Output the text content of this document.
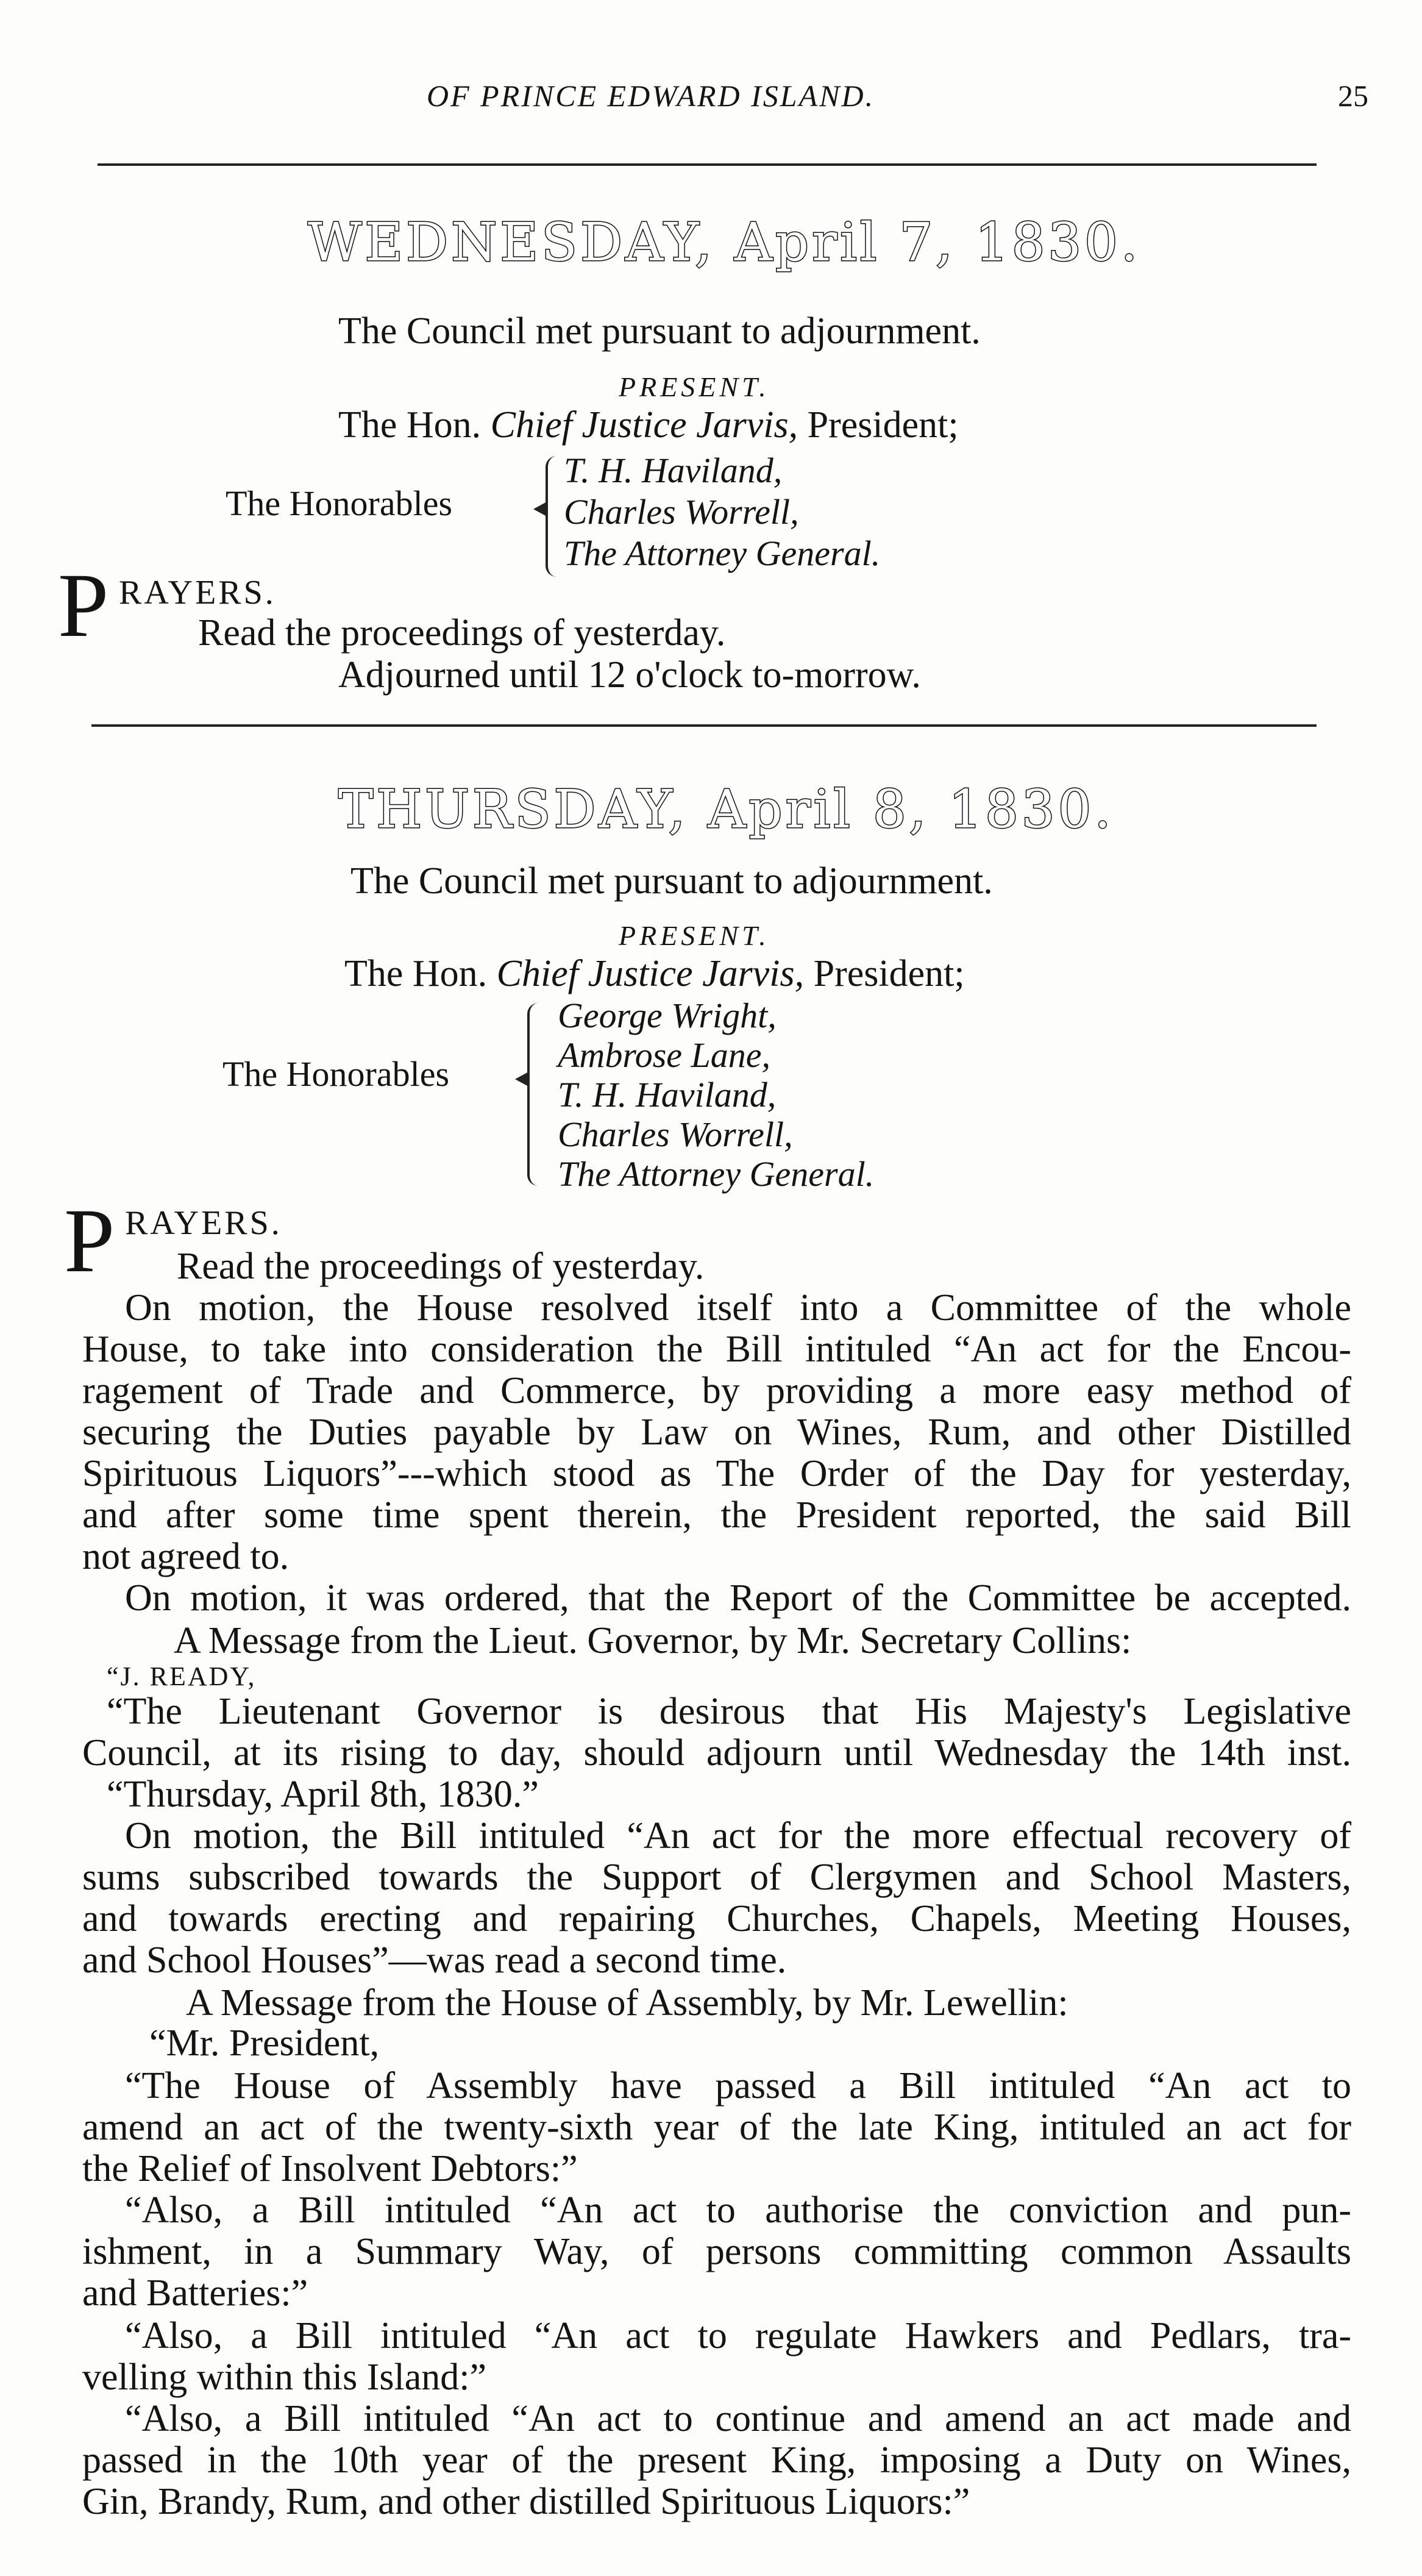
OF PRINCE EDWARD ISLAND.	25
WEDNESDAY, April 7, 1830.
The Council met pursuant to adjournment.
PRESENT.
The Hon. Chief Justice Jarvis, President;
The Honorables
T. H. Haviland,
Charles Worrell,
The Attorney General.
P RAYERS.
Read the proceedings of yesterday.
Adjourned until 12 o'clock to-morrow.
THURSDAY, April 8, 1830.
The Council met pursuant to adjournment.
PRESENT.
The Hon. Chief Justice Jarvis, President;
The Honorables
George Wright,
Ambrose Lane,
T. H. Haviland,
Charles Worrell,
The Attorney General.
P RAYERS.
Read the proceedings of yesterday.
On motion, the House resolved itself into a Committee of the whole
House, to take into consideration the Bill intituled “An act for the Encou-
ragement of Trade and Commerce, by providing a more easy method of
securing the Duties payable by Law on Wines, Rum, and other Distilled
Spirituous Liquors”---which stood as The Order of the Day for yesterday,
and after some time spent therein, the President reported, the said Bill
not agreed to.
On motion, it was ordered, that the Report of the Committee be accepted.
A Message from the Lieut. Governor, by Mr. Secretary Collins:
“J. READY,
“The Lieutenant Governor is desirous that His Majesty's Legislative
Council, at its rising to day, should adjourn until Wednesday the 14th inst.
“Thursday, April 8th, 1830.”
On motion, the Bill intituled “An act for the more effectual recovery of
sums subscribed towards the Support of Clergymen and School Masters,
and towards erecting and repairing Churches, Chapels, Meeting Houses,
and School Houses”—was read a second time.
A Message from the House of Assembly, by Mr. Lewellin:
“Mr. President,
“The House of Assembly have passed a Bill intituled “An act to
amend an act of the twenty-sixth year of the late King, intituled an act for
the Relief of Insolvent Debtors:”
“Also, a Bill intituled “An act to authorise the conviction and pun-
ishment, in a Summary Way, of persons committing common Assaults
and Batteries:”
“Also, a Bill intituled “An act to regulate Hawkers and Pedlars, tra-
velling within this Island:”
“Also, a Bill intituled “An act to continue and amend an act made and
passed in the 10th year of the present King, imposing a Duty on Wines,
Gin, Brandy, Rum, and other distilled Spirituous Liquors:”
